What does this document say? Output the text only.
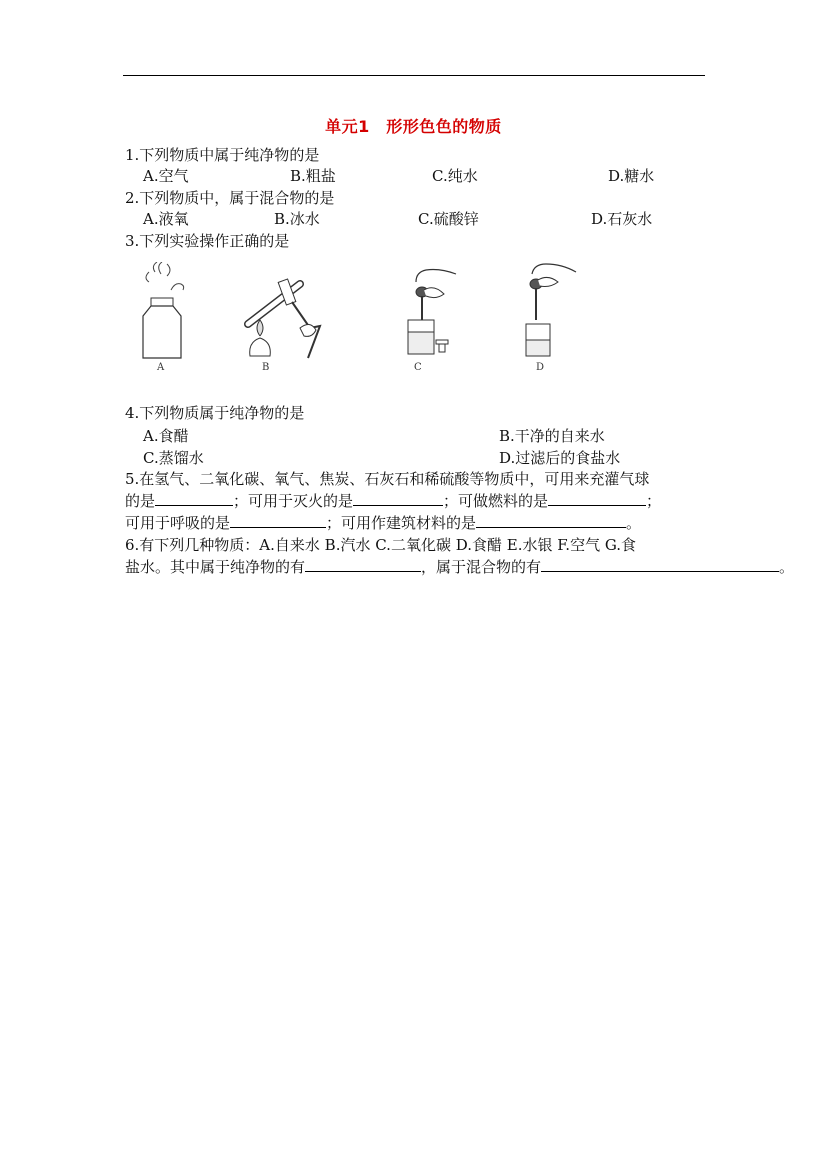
单元1　形形色色的物质
1.下列物质中属于纯净物的是
A.空气	B.粗盐	C.纯水	D.糖水
2.下列物质中，属于混合物的是
A.液氧	B.冰水	C.硫酸锌	D.石灰水
3.下列实验操作正确的是
A	B	C	D
4.下列物质属于纯净物的是
A.食醋	B.干净的自来水
C.蒸馏水	D.过滤后的食盐水
5.在氢气、二氧化碳、氧气、焦炭、石灰石和稀硫酸等物质中，可用来充灌气球
的是	；可用于灭火的是	；可做燃料的是	；
可用于呼吸的是	；可用作建筑材料的是	。
6.有下列几种物质：A.自来水 B.汽水 C.二氧化碳 D.食醋 E.水银 F.空气 G.食
盐水。其中属于纯净物的有	，属于混合物的有	。
